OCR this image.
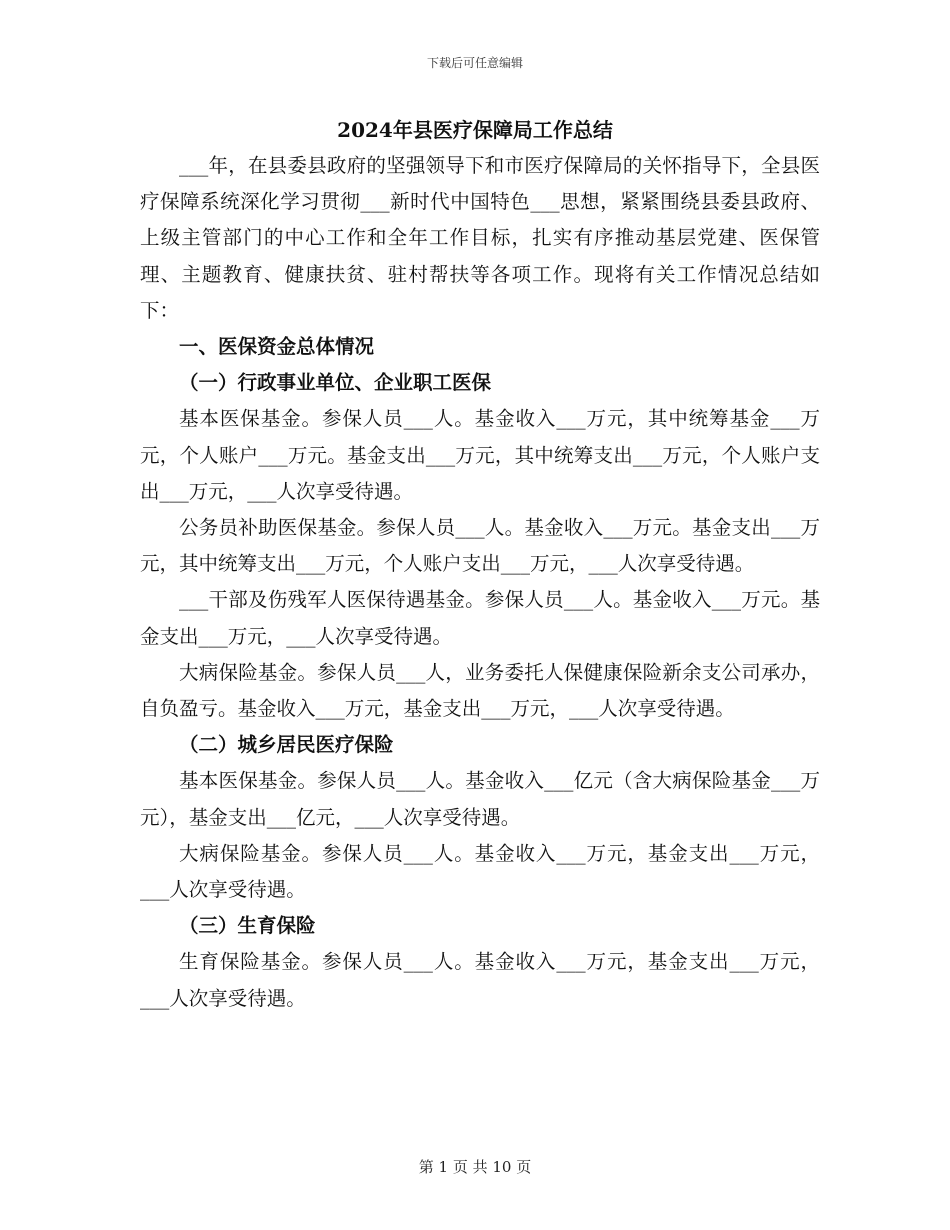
下载后可任意编辑
2024年县医疗保障局工作总结

___年，在县委县政府的坚强领导下和市医疗保障局的关怀指导下，全县医疗保障系统深化学习贯彻___新时代中国特色___思想，紧紧围绕县委县政府、上级主管部门的中心工作和全年工作目标，扎实有序推动基层党建、医保管理、主题教育、健康扶贫、驻村帮扶等各项工作。现将有关工作情况总结如下：

一、医保资金总体情况

（一）行政事业单位、企业职工医保

基本医保基金。参保人员___人。基金收入___万元，其中统筹基金___万元，个人账户___万元。基金支出___万元，其中统筹支出___万元，个人账户支出___万元，___人次享受待遇。

公务员补助医保基金。参保人员___人。基金收入___万元。基金支出___万元，其中统筹支出___万元，个人账户支出___万元，___人次享受待遇。

___干部及伤残军人医保待遇基金。参保人员___人。基金收入___万元。基金支出___万元，___人次享受待遇。

大病保险基金。参保人员___人，业务委托人保健康保险新余支公司承办，自负盈亏。基金收入___万元，基金支出___万元，___人次享受待遇。

（二）城乡居民医疗保险

基本医保基金。参保人员___人。基金收入___亿元（含大病保险基金___万元），基金支出___亿元，___人次享受待遇。

大病保险基金。参保人员___人。基金收入___万元，基金支出___万元，___人次享受待遇。

（三）生育保险

生育保险基金。参保人员___人。基金收入___万元，基金支出___万元，___人次享受待遇。

第 1 页 共 10 页
